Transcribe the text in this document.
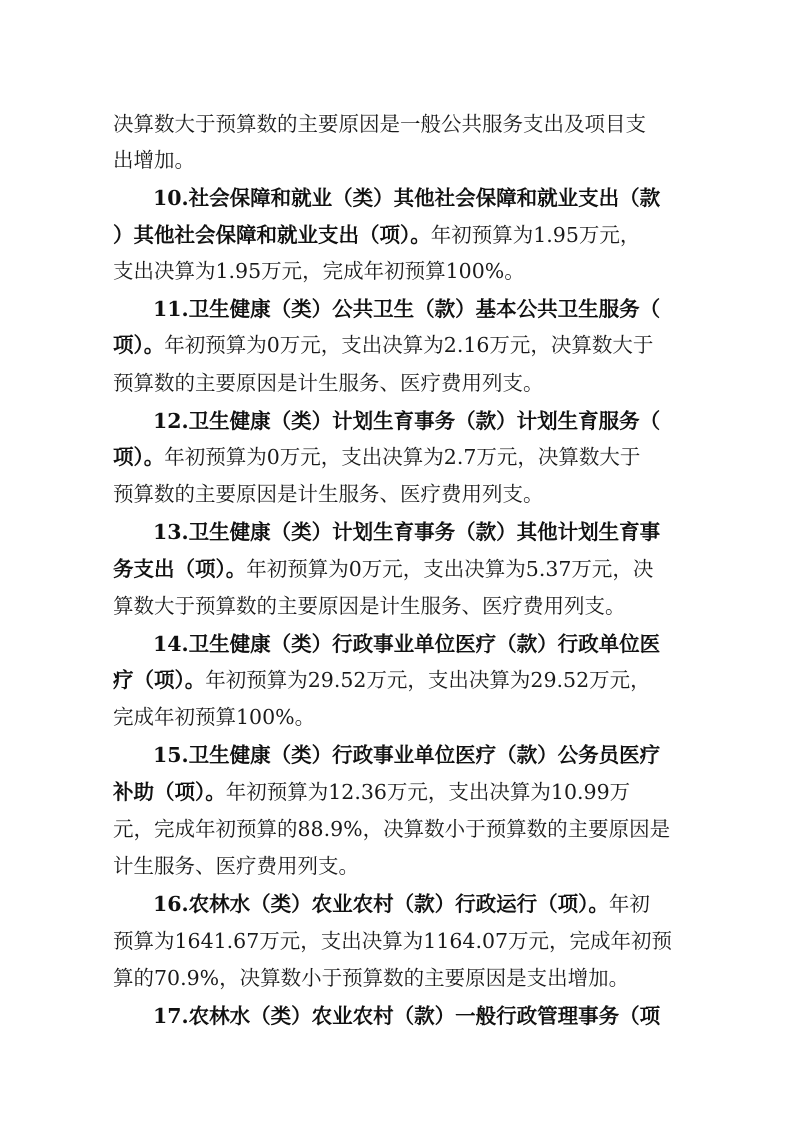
决算数大于预算数的主要原因是一般公共服务支出及项目支
出增加。
10.社会保障和就业（类）其他社会保障和就业支出（款
）其他社会保障和就业支出（项）。年初预算为1.95万元，
支出决算为1.95万元，完成年初预算100%。
11.卫生健康（类）公共卫生（款）基本公共卫生服务（
项）。年初预算为0万元，支出决算为2.16万元，决算数大于
预算数的主要原因是计生服务、医疗费用列支。
12.卫生健康（类）计划生育事务（款）计划生育服务（
项）。年初预算为0万元，支出决算为2.7万元，决算数大于
预算数的主要原因是计生服务、医疗费用列支。
13.卫生健康（类）计划生育事务（款）其他计划生育事
务支出（项）。年初预算为0万元，支出决算为5.37万元，决
算数大于预算数的主要原因是计生服务、医疗费用列支。
14.卫生健康（类）行政事业单位医疗（款）行政单位医
疗（项）。年初预算为29.52万元，支出决算为29.52万元，
完成年初预算100%。
15.卫生健康（类）行政事业单位医疗（款）公务员医疗
补助（项）。年初预算为12.36万元，支出决算为10.99万
元，完成年初预算的88.9%，决算数小于预算数的主要原因是
计生服务、医疗费用列支。
16.农林水（类）农业农村（款）行政运行（项）。年初
预算为1641.67万元，支出决算为1164.07万元，完成年初预
算的70.9%，决算数小于预算数的主要原因是支出增加。
17.农林水（类）农业农村（款）一般行政管理事务（项
